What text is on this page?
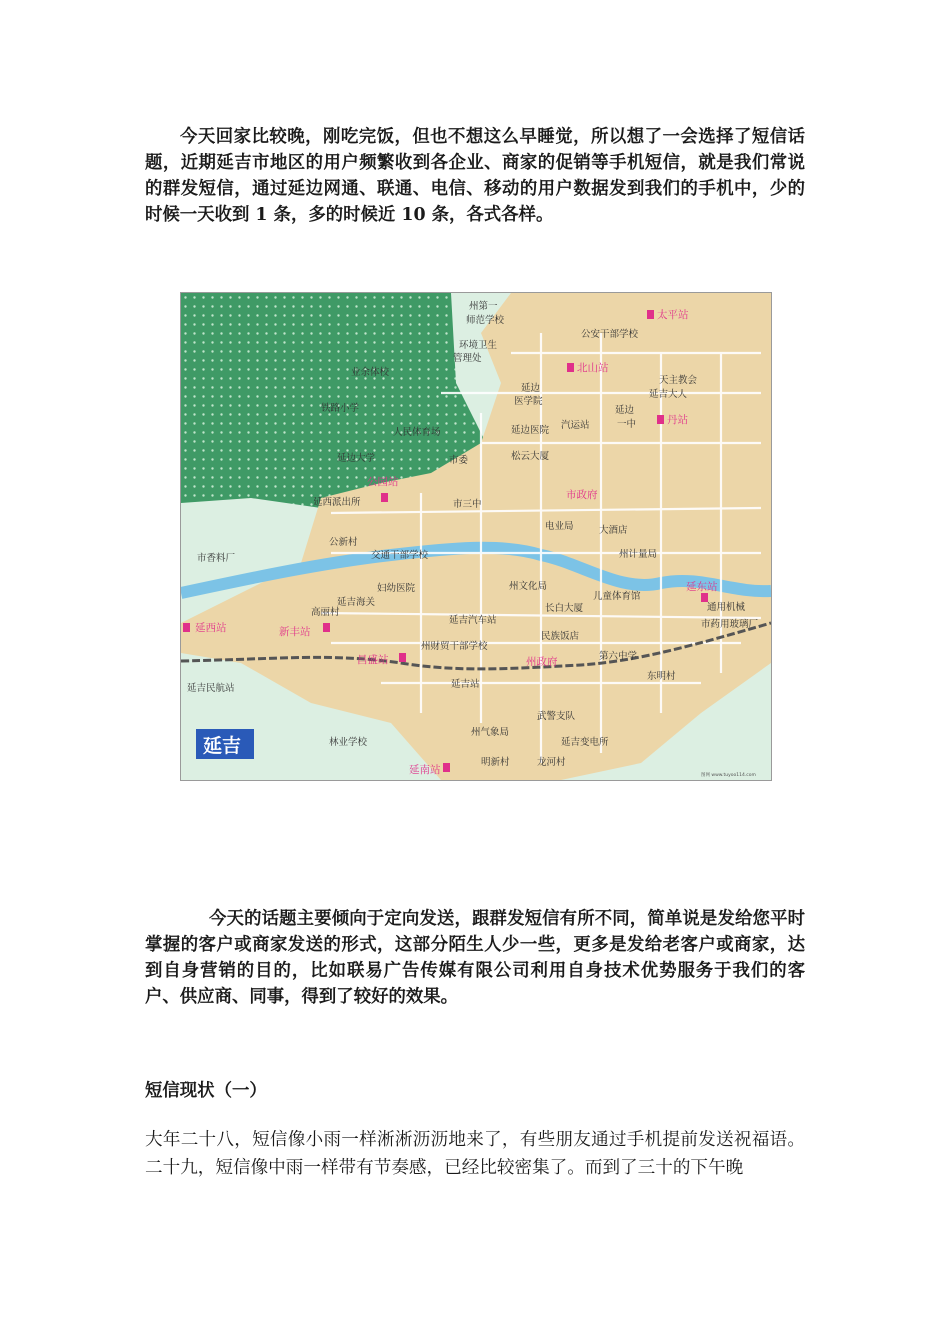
今天回家比较晚，刚吃完饭，但也不想这么早睡觉，所以想了一会选择了短信话题，近期延吉市地区的用户频繁收到各企业、商家的促销等手机短信，就是我们常说的群发短信，通过延边网通、联通、电信、移动的用户数据发到我们的手机中，少的时候一天收到 1 条，多的时候近 10 条，各式各样。

太平站
北山站
丹站
公园站
延东站
延西站	新丰站
昌盛站
延南站
市政府
州政府
州第一
师范学校
环境卫生
管理处
业余体校
公安干部学校
延边
医学院
天主教会
延吉大人
延边
一中
铁路小学
人民体育场	延边医院 汽运站
延边大学	松云大厦
延西派出所	市三中
电业局	大酒店
市香料厂
公新村
交通干部学校	州计量局
妇幼医院	州文化局
儿童体育馆
延吉海关
长白大厦	通用机械
高丽村
延吉汽车站	市药用玻璃厂
民族饭店
州财贸干部学校
第六中学
东明村
延吉民航站	延吉站
武警支队
延吉变电所
林业学校
州气象局
明新村	龙河村
市委
延吉
图网 www.tuyoo114.com

今天的话题主要倾向于定向发送，跟群发短信有所不同，简单说是发给您平时掌握的客户或商家发送的形式，这部分陌生人少一些，更多是发给老客户或商家，达到自身营销的目的，比如联易广告传媒有限公司利用自身技术优势服务于我们的客户、供应商、同事，得到了较好的效果。

短信现状（一）

大年二十八，短信像小雨一样淅淅沥沥地来了，有些朋友通过手机提前发送祝福语。二十九，短信像中雨一样带有节奏感，已经比较密集了。而到了三十的下午晚
